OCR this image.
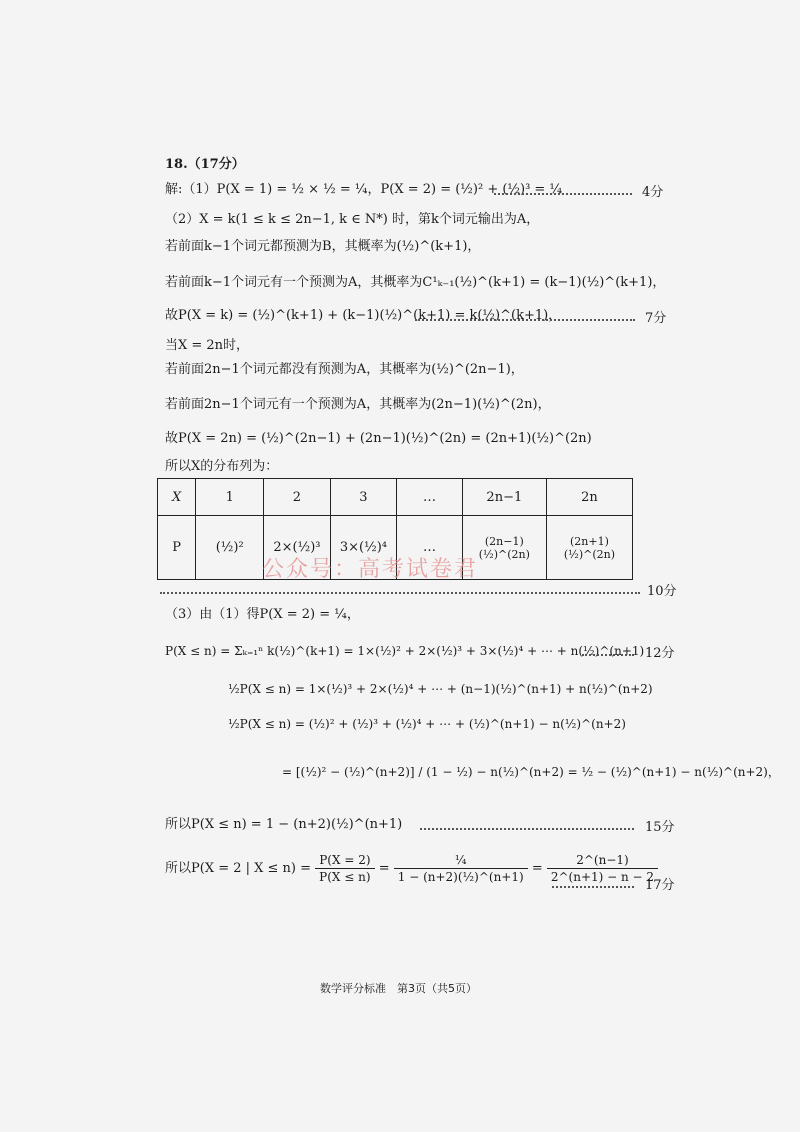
18.（17分）
解:（1）P(X = 1) = ½ × ½ = ¼，P(X = 2) = (½)² + (½)³ = ¼	4分
（2）X = k(1 ≤ k ≤ 2n−1, k ∈ N*) 时，第k个词元输出为A，
若前面k−1个词元都预测为B，其概率为(½)^(k+1)，
若前面k−1个词元有一个预测为A，其概率为C¹ₖ₋₁(½)^(k+1) = (k−1)(½)^(k+1)，
故P(X = k) = (½)^(k+1) + (k−1)(½)^(k+1) = k(½)^(k+1)，	7分
当X = 2n时，
若前面2n−1个词元都没有预测为A，其概率为(½)^(2n−1)，
若前面2n−1个词元有一个预测为A，其概率为(2n−1)(½)^(2n)，
故P(X = 2n) = (½)^(2n−1) + (2n−1)(½)^(2n) = (2n+1)(½)^(2n)
所以X的分布列为：
X	1	2	3	…	2n−1	2n
P	(½)²	2×(½)³	3×(½)⁴	…	(2n−1)(½)^(2n)	(2n+1)(½)^(2n)
公众号：高考试卷君
10分
（3）由（1）得P(X = 2) = ¼，
P(X ≤ n) = Σₖ₌₁ⁿ k(½)^(k+1) = 1×(½)² + 2×(½)³ + 3×(½)⁴ + ⋯ + n(½)^(n+1) 12分
½P(X ≤ n) = 1×(½)³ + 2×(½)⁴ + ⋯ + (n−1)(½)^(n+1) + n(½)^(n+2)
½P(X ≤ n) = (½)² + (½)³ + (½)⁴ + ⋯ + (½)^(n+1) − n(½)^(n+2)
= [(½)² − (½)^(n+2)] / (1 − ½) − n(½)^(n+2) = ½ − (½)^(n+1) − n(½)^(n+2)，
所以P(X ≤ n) = 1 − (n+2)(½)^(n+1)	15分
所以P(X = 2 | $X \le n) = \frac{P(X = 2)}{P(X \le n)} = \frac{\text{¼}}{\text{1 − (n+2)(½)\textasciicircum{}(n+1)}} = \frac{2\^{}(n-1)}{2\^{}(n+1) - n - 2}$
17分
数学评分标准　第3页（共5页）
